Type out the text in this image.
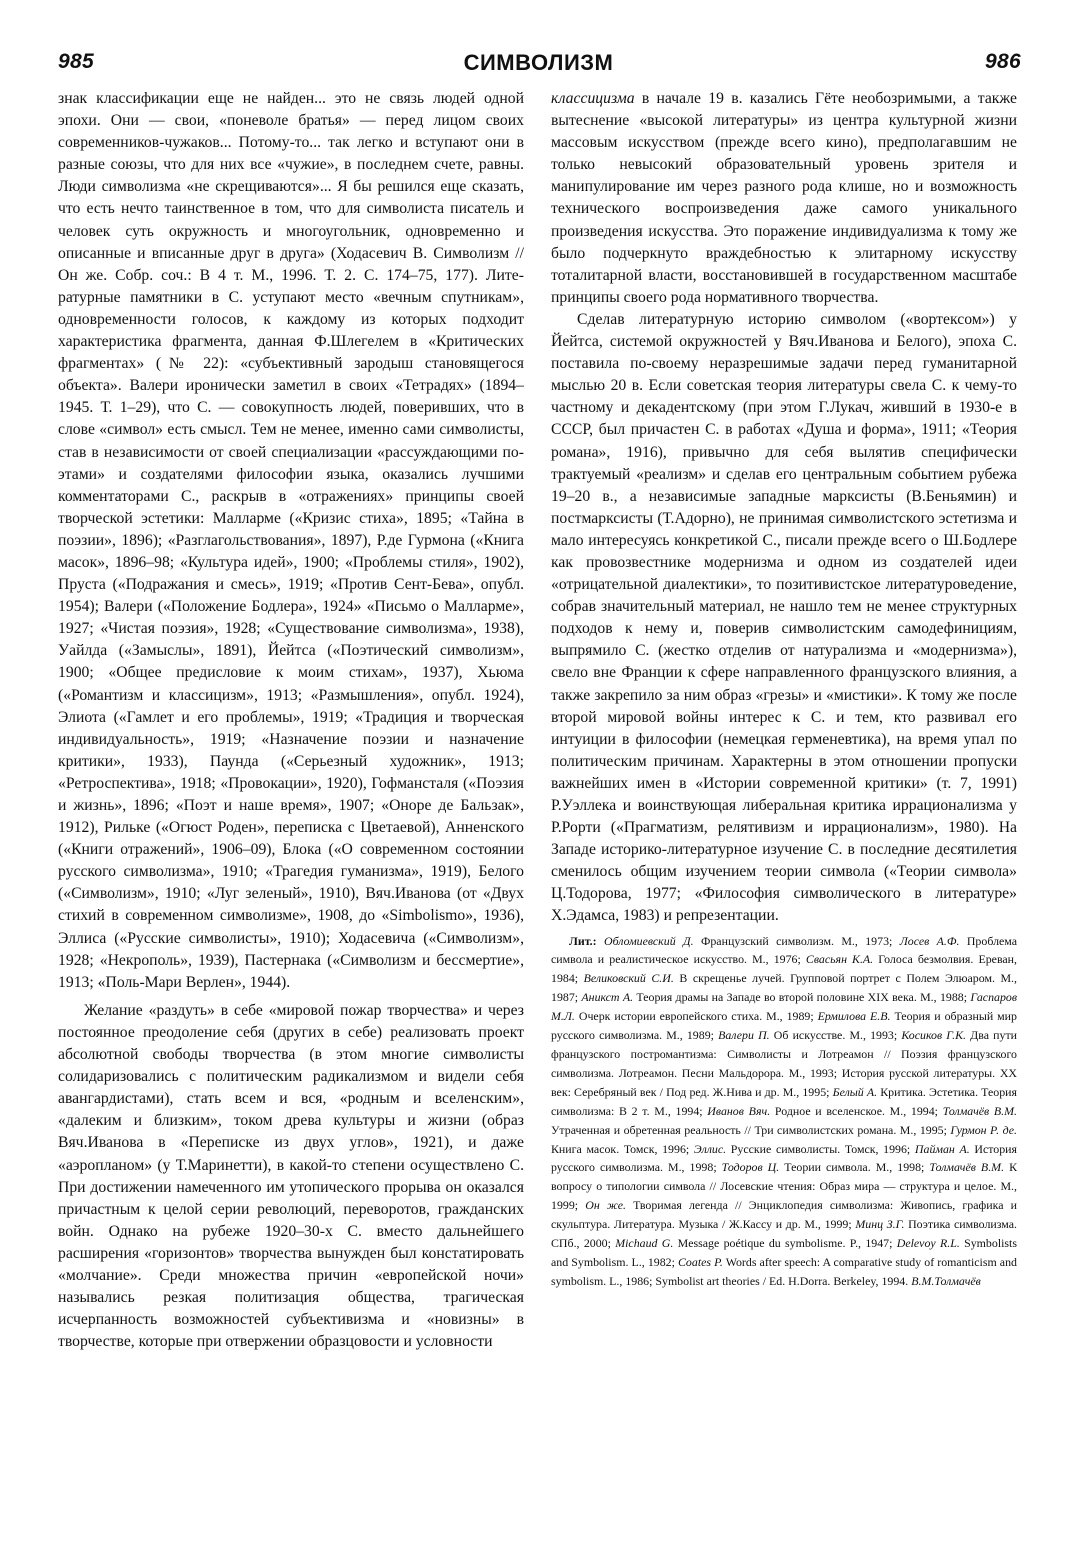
985	СИМВОЛИЗМ	986

знак классификации еще не найден... это не связь людей одной эпохи. Они — свои, «поневоле братья» — перед лицом своих современников-чужаков... Потому-то... так легко и вступают они в разные союзы, что для них все «чужие», в последнем счете, равны. Люди символизма «не скрещиваются»... Я бы решился еще сказать, что есть нечто таинственное в том, что для символиста писатель и человек суть окружность и многоугольник, одновременно и описанные и вписанные друг в друга» (Ходасевич В. Символизм // Он же. Собр. соч.: В 4 т. М., 1996. Т. 2. С. 174–75, 177). Литературные памятники в С. уступают место «вечным спутникам», одновременности голосов, к каждому из которых подходит характеристика фрагмента, данная Ф.Шлегелем в «Критических фрагментах» (№ 22): «субъективный зародыш становящегося объекта». Валери иронически заметил в своих «Тетрадях» (1894–1945. Т. 1–29), что С. — совокупность людей, поверивших, что в слове «символ» есть смысл. Тем не менее, именно сами символисты, став в независимости от своей специализации «рассуждающими поэтами» и создателями философии языка, оказались лучшими комментаторами С., раскрыв в «отражениях» принципы своей творческой эстетики: Малларме («Кризис стиха», 1895; «Тайна в поэзии», 1896); «Разглагольствования», 1897), Р.де Гурмона («Книга масок», 1896–98; «Культура идей», 1900; «Проблемы стиля», 1902), Пруста («Подражания и смесь», 1919; «Против Сент-Бева», опубл. 1954); Валери («Положение Бодлера», 1924» «Письмо о Малларме», 1927; «Чистая поэзия», 1928; «Существование символизма», 1938), Уайлда («Замыслы», 1891), Йейтса («Поэтический символизм», 1900; «Общее предисловие к моим стихам», 1937), Хьюма («Романтизм и классицизм», 1913; «Размышления», опубл. 1924), Элиота («Гамлет и его проблемы», 1919; «Традиция и творческая индивидуальность», 1919; «Назначение поэзии и назначение критики», 1933), Паунда («Серьезный художник», 1913; «Ретроспектива», 1918; «Провокации», 1920), Гофмансталя («Поэзия и жизнь», 1896; «Поэт и наше время», 1907; «Оноре де Бальзак», 1912), Рильке («Огюст Роден», переписка с Цветаевой), Анненского («Книги отражений», 1906–09), Блока («О современном состоянии русского символизма», 1910; «Трагедия гуманизма», 1919), Белого («Символизм», 1910; «Луг зеленый», 1910), Вяч.Иванова (от «Двух стихий в современном символизме», 1908, до «Simbolismo», 1936), Эллиса («Русские символисты», 1910); Ходасевича («Символизм», 1928; «Некрополь», 1939), Пастернака («Символизм и бессмертие», 1913; «Поль-Мари Верлен», 1944).

Желание «раздуть» в себе «мировой пожар творчества» и через постоянное преодоление себя (других в себе) реализовать проект абсолютной свободы творчества (в этом многие символисты солидаризовались с политическим радикализмом и видели себя авангардистами), стать всем и вся, «родным и вселенским», «далеким и близким», током древа культуры и жизни (образ Вяч.Иванова в «Переписке из двух углов», 1921), и даже «аэропланом» (у Т.Маринетти), в какой-то степени осуществлено С. При достижении намеченного им утопического прорыва он оказался причастным к целой серии революций, переворотов, гражданских войн. Однако на рубеже 1920–30-х С. вместо дальнейшего расширения «горизонтов» творчества вынужден был констатировать «молчание». Среди множества причин «европейской ночи» назывались резкая политизация общества, трагическая исчерпанность возможностей субъективизма и «новизны» в творчестве, которые при отвержении образцовости и условности

классицизма в начале 19 в. казались Гёте необозримыми, а также вытеснение «высокой литературы» из центра культурной жизни массовым искусством (прежде всего кино), предполагавшим не только невысокий образовательный уровень зрителя и манипулирование им через разного рода клише, но и возможность технического воспроизведения даже самого уникального произведения искусства. Это поражение индивидуализма к тому же было подчеркнуто враждебностью к элитарному искусству тоталитарной власти, восстановившей в государственном масштабе принципы своего рода нормативного творчества.

Сделав литературную историю символом («вортексом») у Йейтса, системой окружностей у Вяч.Иванова и Белого), эпоха С. поставила по-своему неразрешимые задачи перед гуманитарной мыслью 20 в. Если советская теория литературы свела С. к чему-то частному и декадентскому (при этом Г.Лукач, живший в 1930-е в СССР, был причастен С. в работах «Душа и форма», 1911; «Теория романа», 1916), привычно для себя вылятив специфически трактуемый «реализм» и сделав его центральным событием рубежа 19–20 в., а независимые западные марксисты (В.Беньямин) и постмарксисты (Т.Адорно), не принимая символистского эстетизма и мало интересуясь конкретикой С., писали прежде всего о Ш.Бодлере как провозвестнике модернизма и одном из создателей идеи «отрицательной диалектики», то позитивистское литературоведение, собрав значительный материал, не нашло тем не менее структурных подходов к нему и, поверив символистским самодефинициям, выпрямило С. (жестко отделив от натурализма и «модернизма»), свело вне Франции к сфере направленного французского влияния, а также закрепило за ним образ «грезы» и «мистики». К тому же после второй мировой войны интерес к С. и тем, кто развивал его интуиции в философии (немецкая герменевтика), на время упал по политическим причинам. Характерны в этом отношении пропуски важнейших имен в «Истории современной критики» (т. 7, 1991) Р.Уэллека и воинствующая либеральная критика иррационализма у Р.Рорти («Прагматизм, релятивизм и иррационализм», 1980). На Западе историко-литературное изучение С. в последние десятилетия сменилось общим изучением теории символа («Теории символа» Ц.Тодорова, 1977; «Философия символического в литературе» Х.Эдамса, 1983) и репрезентации.

Лит.: Обломиевский Д. Французский символизм. М., 1973; Лосев А.Ф. Проблема символа и реалистическое искусство. М., 1976; Свасьян К.А. Голоса безмолвия. Ереван, 1984; Великовский С.И. В скрещенье лучей. Групповой портрет с Полем Элюаром. М., 1987; Аникст А. Теория драмы на Западе во второй половине XIX века. М., 1988; Гаспаров М.Л. Очерк истории европейского стиха. М., 1989; Ермилова Е.В. Теория и образный мир русского символизма. М., 1989; Валери П. Об искусстве. М., 1993; Косиков Г.К. Два пути французского постромантизма: Символисты и Лотреамон // Поэзия французского символизма. Лотреамон. Песни Мальдорора. М., 1993; История русской литературы. XX век: Серебряный век / Под ред. Ж.Нива и др. М., 1995; Белый А. Критика. Эстетика. Теория символизма: В 2 т. М., 1994; Иванов Вяч. Родное и вселенское. М., 1994; Толмачёв В.М. Утраченная и обретенная реальность // Три символистских романа. М., 1995; Гурмон Р. де. Книга масок. Томск, 1996; Эллис. Русские символисты. Томск, 1996; Пайман А. История русского символизма. М., 1998; Тодоров Ц. Теории символа. М., 1998; Толмачёв В.М. К вопросу о типологии символа // Лосевские чтения: Образ мира — структура и целое. М., 1999; Он же. Творимая легенда // Энциклопедия символизма: Живопись, графика и скульптура. Литература. Музыка / Ж.Кассу и др. М., 1999; Минц З.Г. Поэтика символизма. СПб., 2000; Michaud G. Message poétique du symbolisme. P., 1947; Delevoy R.L. Symbolists and Symbolism. L., 1982; Coates P. Words after speech: A comparative study of romanticism and symbolism. L., 1986; Symbolist art theories / Ed. H.Dorra. Berkeley, 1994. В.М.Толмачёв
